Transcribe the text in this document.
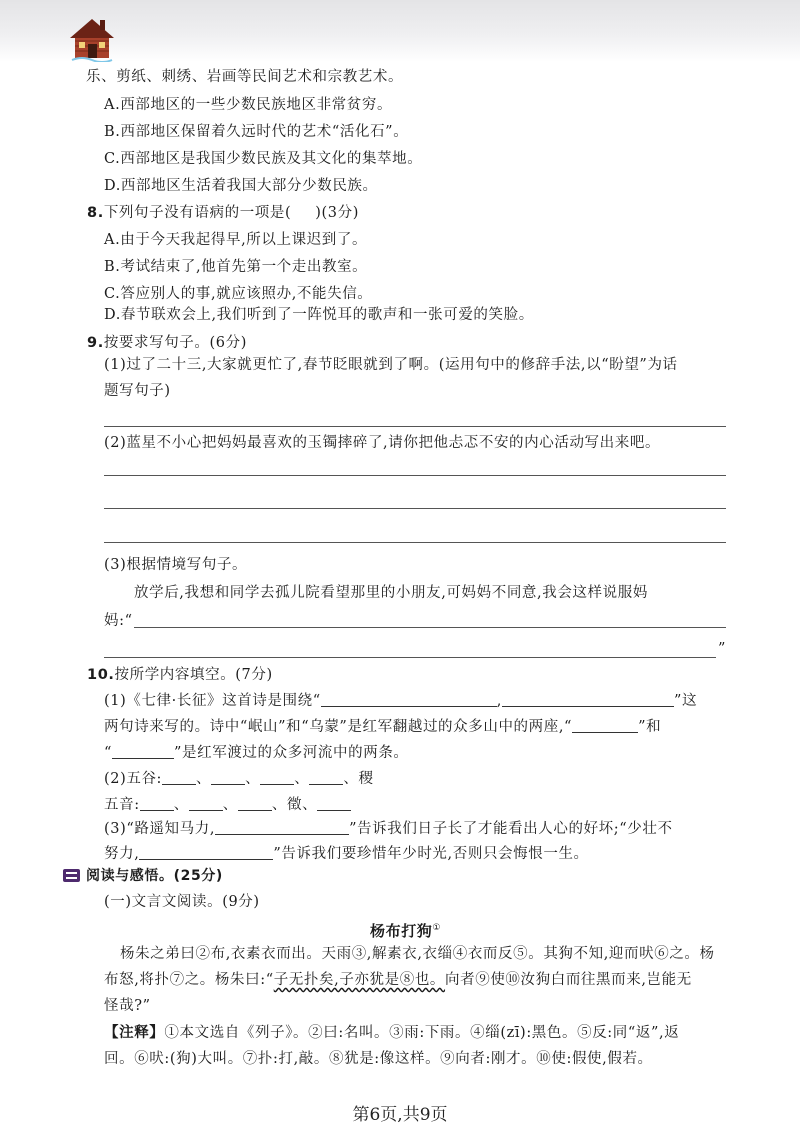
乐、剪纸、刺绣、岩画等民间艺术和宗教艺术。
A.西部地区的一些少数民族地区非常贫穷。
B.西部地区保留着久远时代的艺术“活化石”。
C.西部地区是我国少数民族及其文化的集萃地。
D.西部地区生活着我国大部分少数民族。
8.下列句子没有语病的一项是( )(3分)
A.由于今天我起得早,所以上课迟到了。
B.考试结束了,他首先第一个走出教室。
C.答应别人的事,就应该照办,不能失信。
D.春节联欢会上,我们听到了一阵悦耳的歌声和一张可爱的笑脸。
9.按要求写句子。(6分)
(1)过了二十三,大家就更忙了,春节眨眼就到了啊。(运用句中的修辞手法,以“盼望”为话
题写句子)
(2)蓝星不小心把妈妈最喜欢的玉镯摔碎了,请你把他忐忑不安的内心活动写出来吧。
(3)根据情境写句子。
放学后,我想和同学去孤儿院看望那里的小朋友,可妈妈不同意,我会这样说服妈
妈:“
”
10.按所学内容填空。(7分)
(1)《七律·长征》这首诗是围绕“	,	”这
两句诗来写的。诗中“岷山”和“乌蒙”是红军翻越过的众多山中的两座,“	”和
“	”是红军渡过的众多河流中的两条。
(2)五谷: 、 、 、 、稷
五音: 、 、 、徵、
(3)“路遥知马力,	”告诉我们日子长了才能看出人心的好坏;“少壮不
努力,	”告诉我们要珍惜年少时光,否则只会悔恨一生。
阅读与感悟。(25分)
(一)文言文阅读。(9分)
杨布打狗①
杨朱之弟曰②布,衣素衣而出。天雨③,解素衣,衣缁④衣而反⑤。其狗不知,迎而吠⑥之。杨
布怒,将扑⑦之。杨朱曰:“子无扑矣,子亦犹是⑧也。向者⑨使⑩汝狗白而往黑而来,岂能无
怪哉?”
【注释】①本文选自《列子》。②曰:名叫。③雨:下雨。④缁(zī):黑色。⑤反:同“返”,返
回。⑥吠:(狗)大叫。⑦扑:打,敲。⑧犹是:像这样。⑨向者:刚才。⑩使:假使,假若。
第6页,共9页
